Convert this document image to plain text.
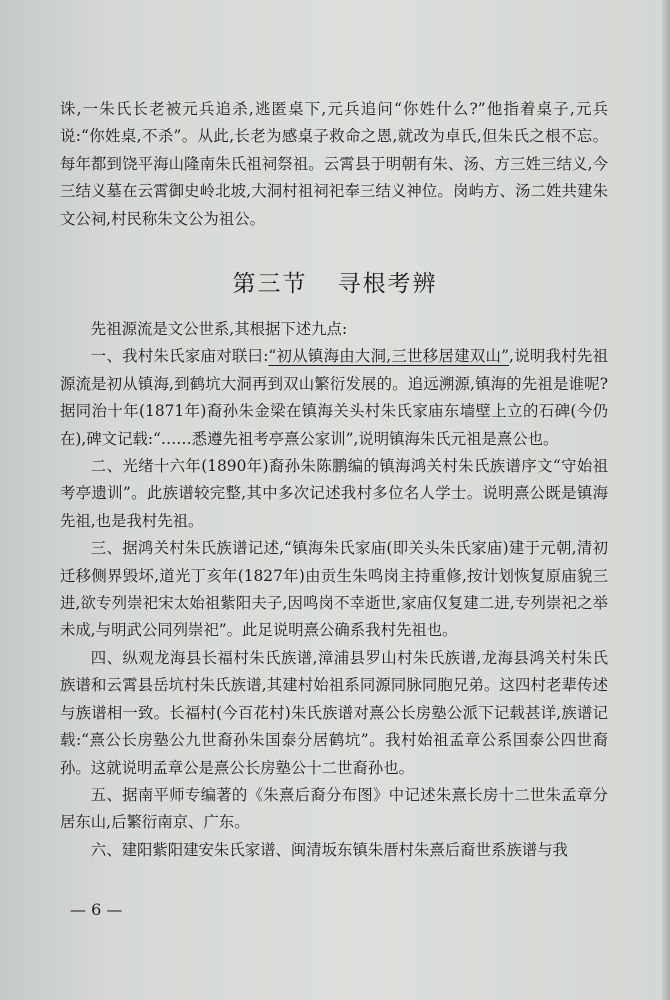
诛,一朱氏长老被元兵追杀,逃匿桌下,元兵追问“你姓什么?”他指着桌子,元兵说:“你姓桌,不杀”。从此,长老为感桌子救命之恩,就改为卓氏,但朱氏之根不忘。每年都到饶平海山隆南朱氏祖祠祭祖。云霄县于明朝有朱、汤、方三姓三结义,今三结义墓在云霄御史岭北坡,大洞村祖祠祀奉三结义神位。岗屿方、汤二姓共建朱文公祠,村民称朱文公为祖公。

第三节 寻根考辨

先祖源流是文公世系,其根据下述九点:

一、我村朱氏家庙对联曰:“初从镇海由大洞,三世移居建双山”,说明我村先祖源流是初从镇海,到鹤坑大洞再到双山繁衍发展的。追远溯源,镇海的先祖是谁呢?据同治十年(1871年)裔孙朱金梁在镇海关头村朱氏家庙东墙壁上立的石碑(今仍在),碑文记载:“……悉遵先祖考亭熹公家训”,说明镇海朱氏元祖是熹公也。

二、光绪十六年(1890年)裔孙朱陈鹏编的镇海鸿关村朱氏族谱序文“守始祖考亭遗训”。此族谱较完整,其中多次记述我村多位名人学士。说明熹公既是镇海先祖,也是我村先祖。

三、据鸿关村朱氏族谱记述,“镇海朱氏家庙(即关头朱氏家庙)建于元朝,清初迁移侧界毁坏,道光丁亥年(1827年)由贡生朱鸣岗主持重修,按计划恢复原庙貌三进,欲专列崇祀宋太始祖紫阳夫子,因鸣岗不幸逝世,家庙仅复建二进,专列崇祀之举未成,与明武公同列崇祀”。此足说明熹公确系我村先祖也。

四、纵观龙海县长福村朱氏族谱,漳浦县罗山村朱氏族谱,龙海县鸿关村朱氏族谱和云霄县岳坑村朱氏族谱,其建村始祖系同源同脉同胞兄弟。这四村老辈传述与族谱相一致。长福村(今百花村)朱氏族谱对熹公长房塾公派下记载甚详,族谱记载:“熹公长房塾公九世裔孙朱国泰分居鹤坑”。我村始祖孟章公系国泰公四世裔孙。这就说明孟章公是熹公长房塾公十二世裔孙也。

五、据南平师专编著的《朱熹后裔分布图》中记述朱熹长房十二世朱孟章分居东山,后繁衍南京、广东。

六、建阳紫阳建安朱氏家谱、闽清坂东镇朱厝村朱熹后裔世系族谱与我

— 6 —
